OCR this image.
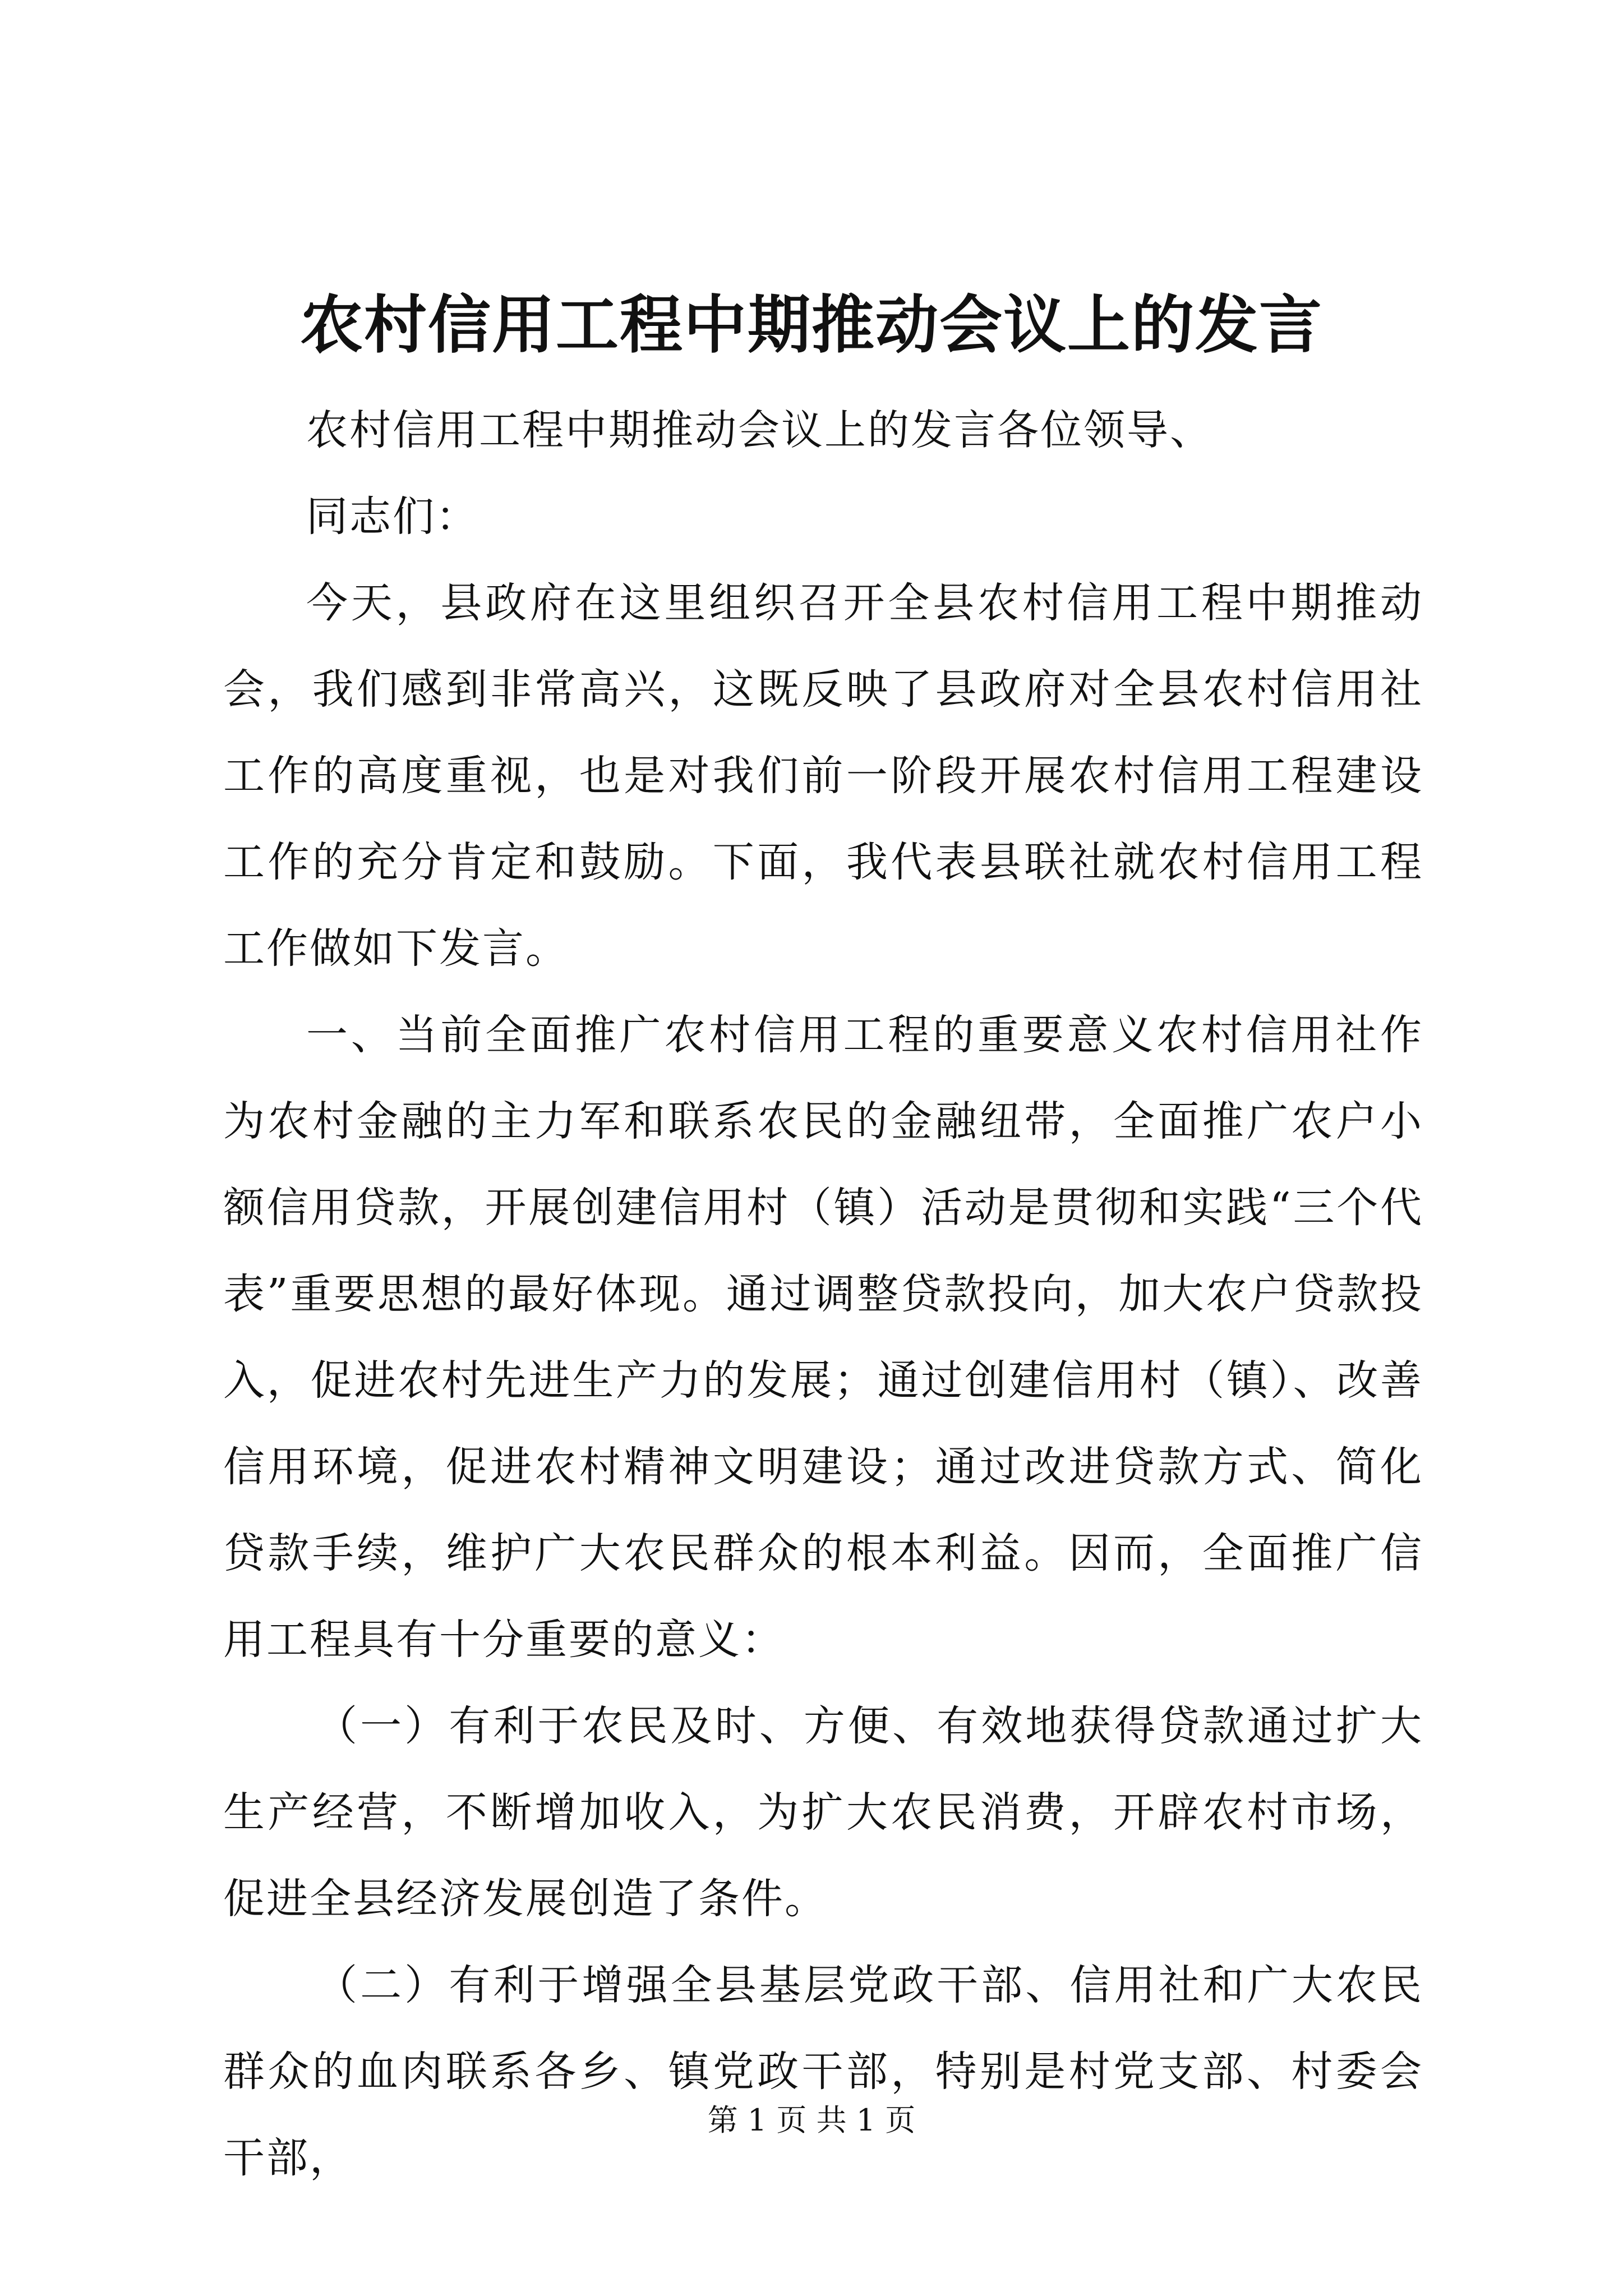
农村信用工程中期推动会议上的发言

农村信用工程中期推动会议上的发言各位领导、

同志们：

今天，县政府在这里组织召开全县农村信用工程中期推动会，我们感到非常高兴，这既反映了县政府对全县农村信用社工作的高度重视，也是对我们前一阶段开展农村信用工程建设工作的充分肯定和鼓励。下面，我代表县联社就农村信用工程工作做如下发言。

一、当前全面推广农村信用工程的重要意义农村信用社作为农村金融的主力军和联系农民的金融纽带，全面推广农户小额信用贷款，开展创建信用村（镇）活动是贯彻和实践“三个代表”重要思想的最好体现。通过调整贷款投向，加大农户贷款投入，促进农村先进生产力的发展；通过创建信用村（镇）、改善信用环境，促进农村精神文明建设；通过改进贷款方式、简化贷款手续，维护广大农民群众的根本利益。因而，全面推广信用工程具有十分重要的意义：

（一）有利于农民及时、方便、有效地获得贷款通过扩大生产经营，不断增加收入，为扩大农民消费，开辟农村市场，促进全县经济发展创造了条件。

（二）有利于增强全县基层党政干部、信用社和广大农民群众的血肉联系各乡、镇党政干部，特别是村党支部、村委会干部，

第 1 页 共 1 页
